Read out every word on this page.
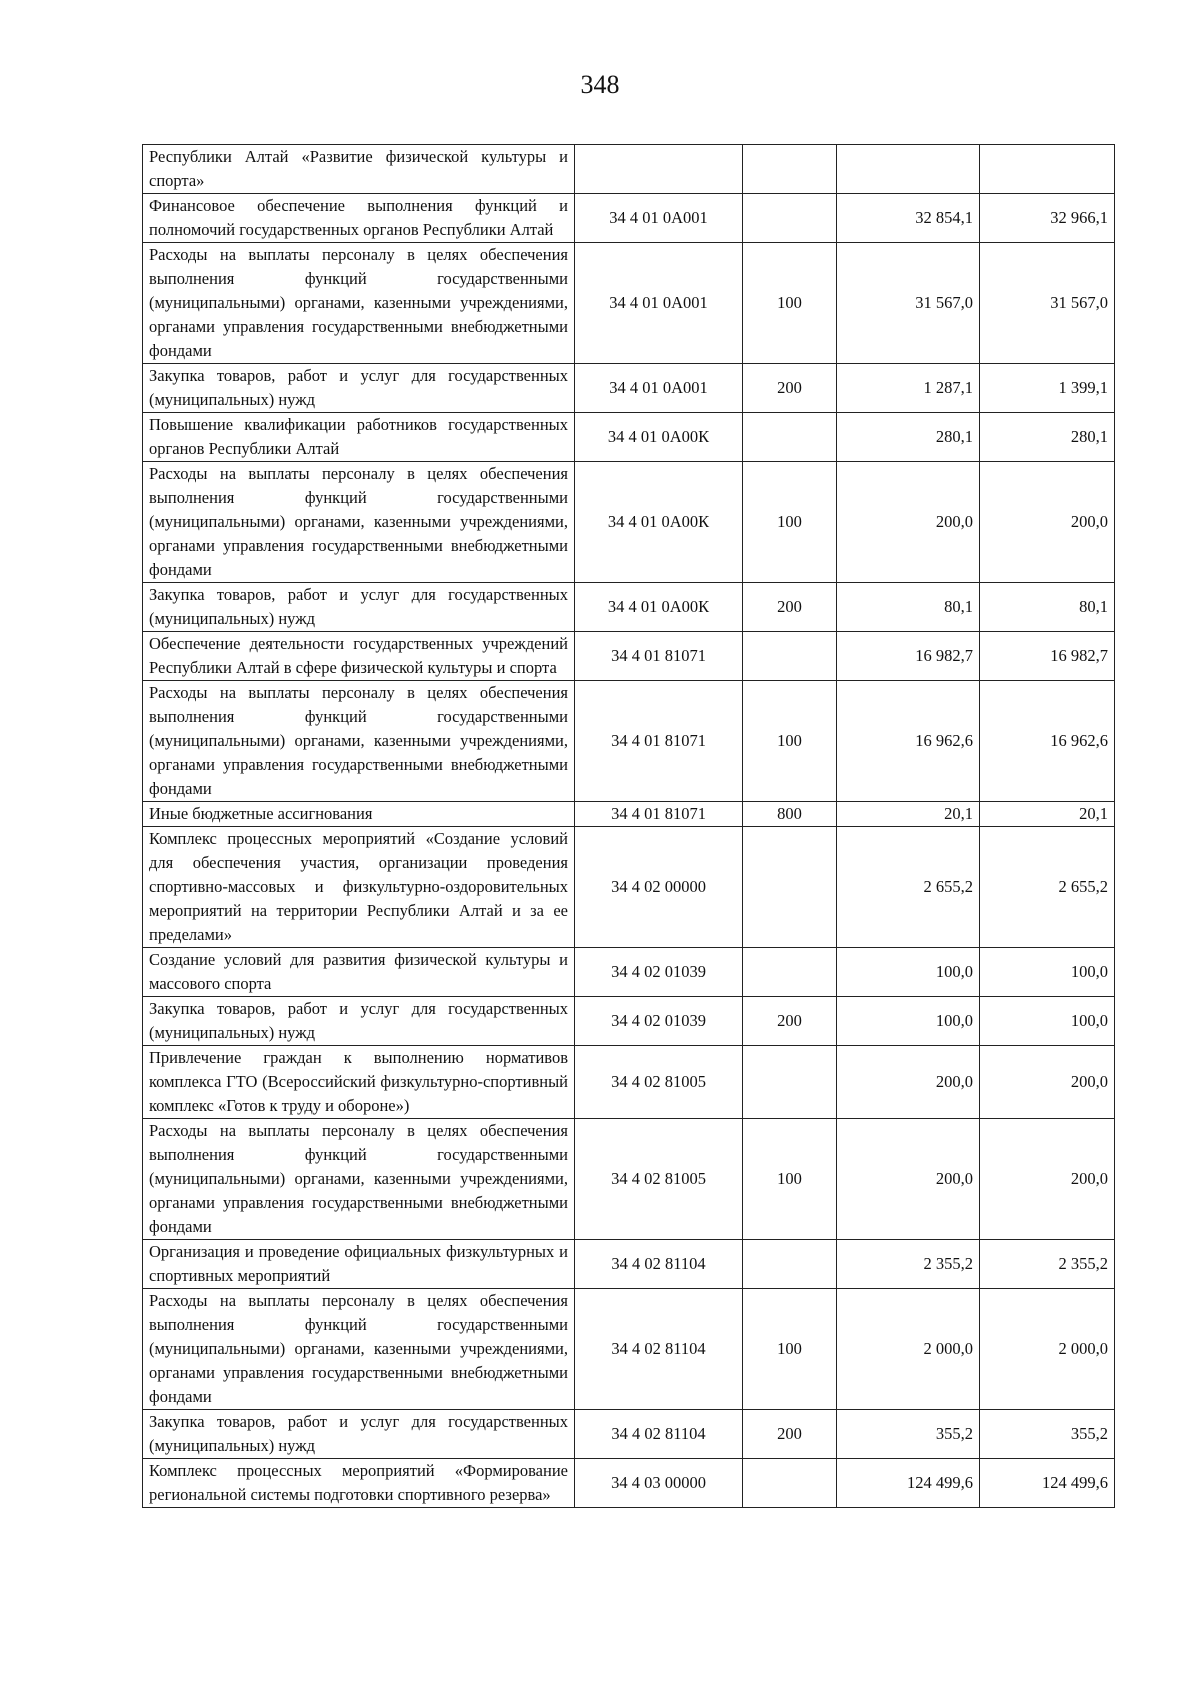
348
Республики Алтай «Развитие физической культуры и спорта»				
Финансовое обеспечение выполнения функций и полномочий государственных органов Республики Алтай	34 4 01 0А001		32 854,1	32 966,1
Расходы на выплаты персоналу в целях обеспечения выполнения функций государственными (муниципальными) органами, казенными учреждениями, органами управления государственными внебюджетными фондами	34 4 01 0А001	100	31 567,0	31 567,0
Закупка товаров, работ и услуг для государственных (муниципальных) нужд	34 4 01 0А001	200	1 287,1	1 399,1
Повышение квалификации работников государственных органов Республики Алтай	34 4 01 0А00К		280,1	280,1
Расходы на выплаты персоналу в целях обеспечения выполнения функций государственными (муниципальными) органами, казенными учреждениями, органами управления государственными внебюджетными фондами	34 4 01 0А00К	100	200,0	200,0
Закупка товаров, работ и услуг для государственных (муниципальных) нужд	34 4 01 0А00К	200	80,1	80,1
Обеспечение деятельности государственных учреждений Республики Алтай в сфере физической культуры и спорта	34 4 01 81071		16 982,7	16 982,7
Расходы на выплаты персоналу в целях обеспечения выполнения функций государственными (муниципальными) органами, казенными учреждениями, органами управления государственными внебюджетными фондами	34 4 01 81071	100	16 962,6	16 962,6
Иные бюджетные ассигнования	34 4 01 81071	800	20,1	20,1
Комплекс процессных мероприятий «Создание условий для обеспечения участия, организации проведения спортивно-массовых и физкультурно-оздоровительных мероприятий на территории Республики Алтай и за ее пределами»	34 4 02 00000		2 655,2	2 655,2
Создание условий для развития физической культуры и массового спорта	34 4 02 01039		100,0	100,0
Закупка товаров, работ и услуг для государственных (муниципальных) нужд	34 4 02 01039	200	100,0	100,0
Привлечение граждан к выполнению нормативов комплекса ГТО (Всероссийский физкультурно-спортивный комплекс «Готов к труду и обороне»)	34 4 02 81005		200,0	200,0
Расходы на выплаты персоналу в целях обеспечения выполнения функций государственными (муниципальными) органами, казенными учреждениями, органами управления государственными внебюджетными фондами	34 4 02 81005	100	200,0	200,0
Организация и проведение официальных физкультурных и спортивных мероприятий	34 4 02 81104		2 355,2	2 355,2
Расходы на выплаты персоналу в целях обеспечения выполнения функций государственными (муниципальными) органами, казенными учреждениями, органами управления государственными внебюджетными фондами	34 4 02 81104	100	2 000,0	2 000,0
Закупка товаров, работ и услуг для государственных (муниципальных) нужд	34 4 02 81104	200	355,2	355,2
Комплекс процессных мероприятий «Формирование региональной системы подготовки спортивного резерва»	34 4 03 00000		124 499,6	124 499,6
